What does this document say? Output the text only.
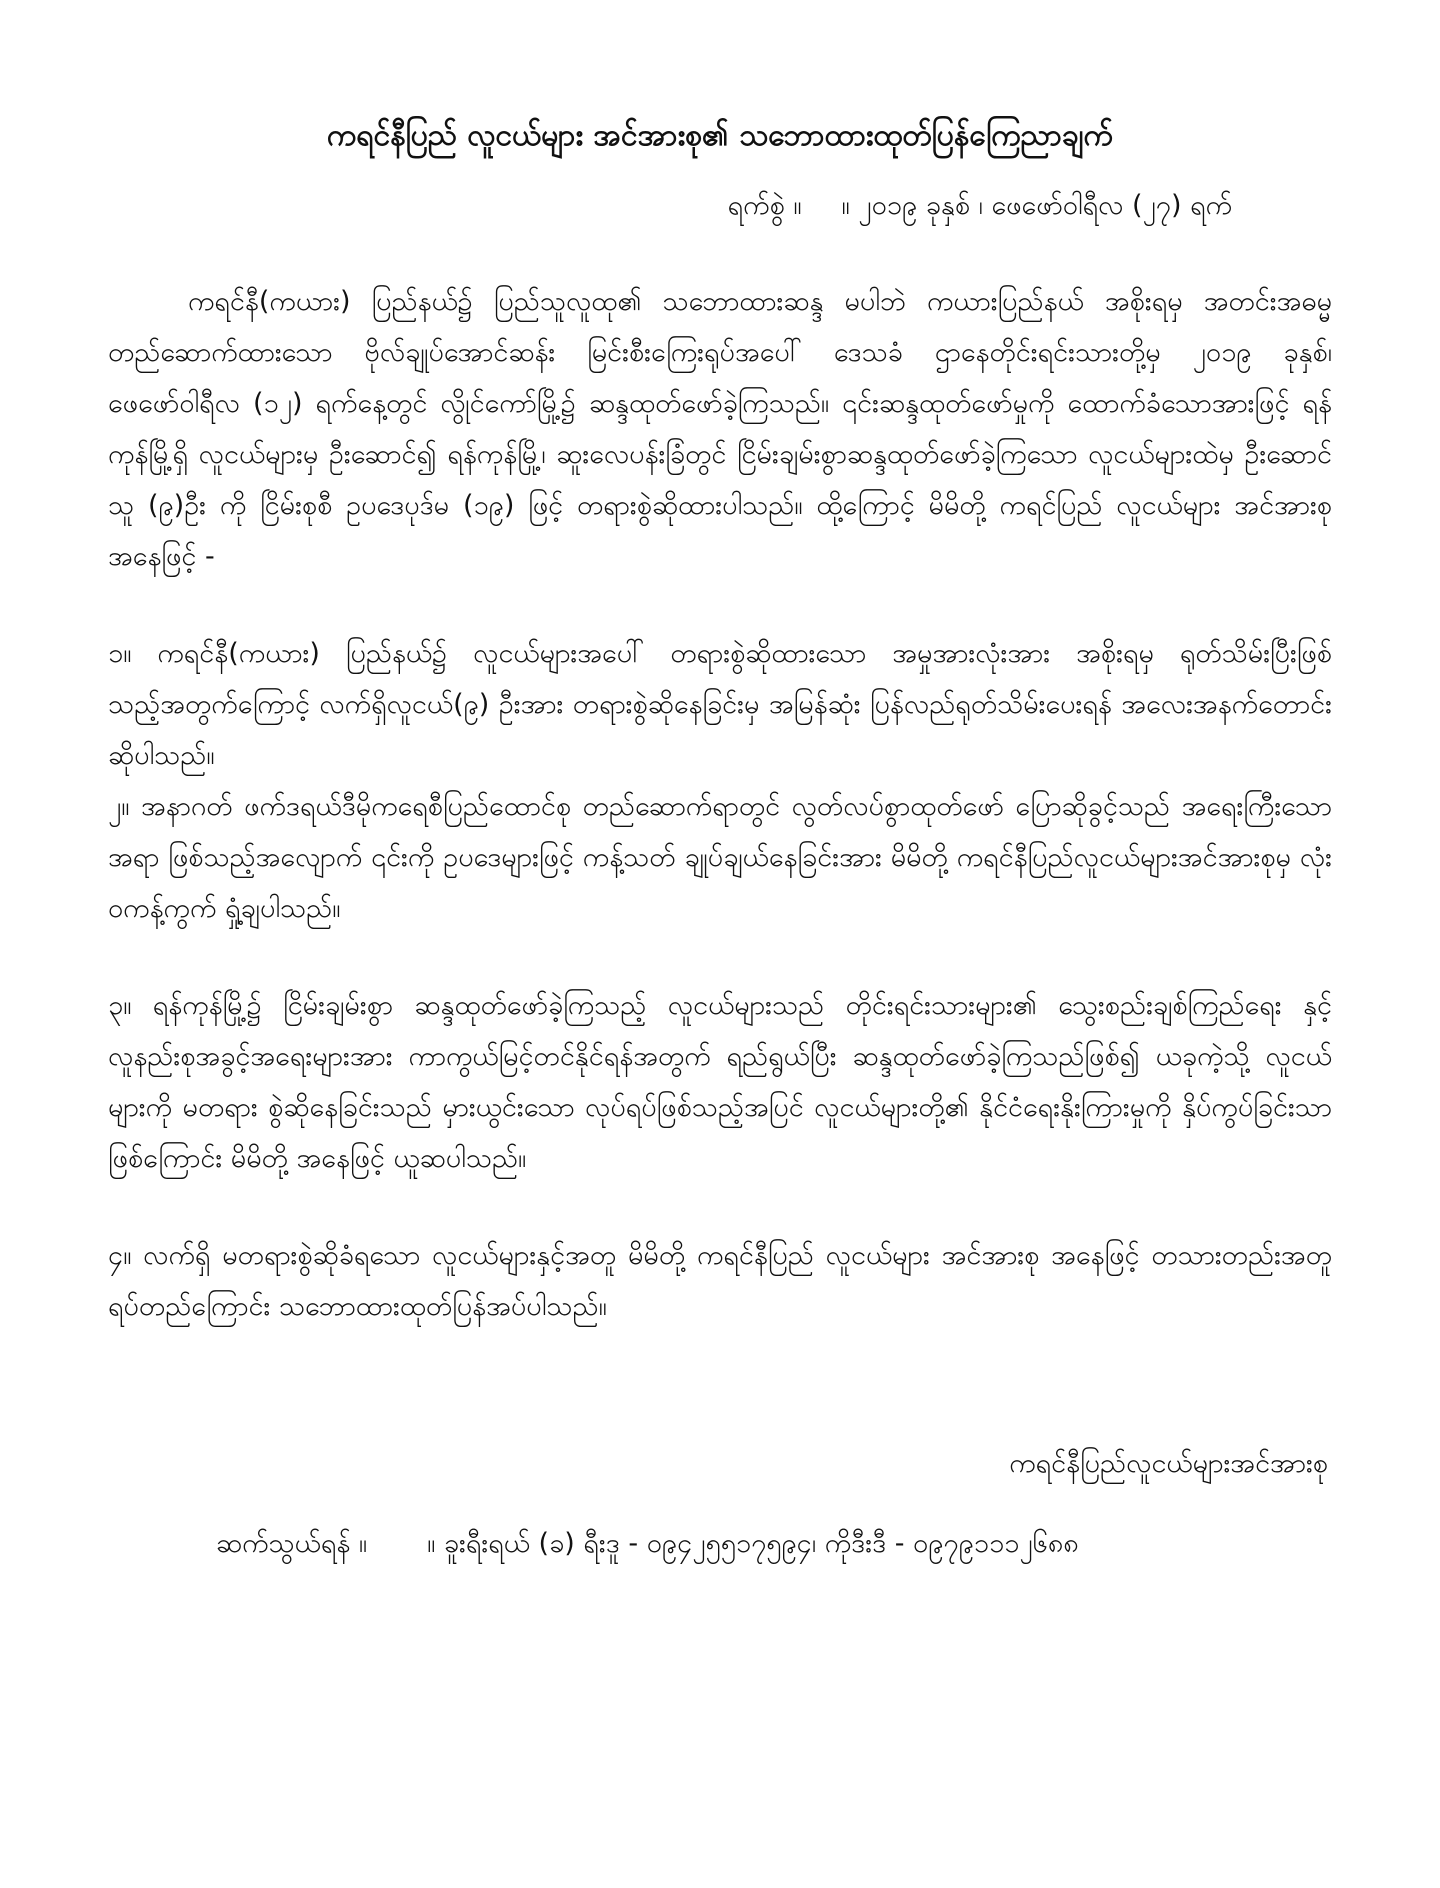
ကရင်နီပြည် လူငယ်များ အင်အားစု၏ သဘောထားထုတ်ပြန်ကြေညာချက်
ရက်စွဲ ။ ။ ၂၀၁၉ ခုနှစ် ၊ ဖေဖော်ဝါရီလ (၂၇) ရက်

ကရင်နီ(ကယား) ပြည်နယ်၌ ပြည်သူလူထု၏ သဘောထားဆန္ဒ မပါဘဲ ကယားပြည်နယ် အစိုးရမှ အတင်းအဓမ္မ တည်ဆောက်ထားသော ဗိုလ်ချုပ်အောင်ဆန်း မြင်းစီးကြေးရုပ်အပေါ် ဒေသခံ ဌာနေတိုင်းရင်းသားတို့မှ ၂၀၁၉ ခုနှစ်၊ ဖေဖော်ဝါရီလ (၁၂) ရက်နေ့တွင် လွိုင်ကော်မြို့၌ ဆန္ဒထုတ်ဖော်ခဲ့ကြသည်။ ၎င်းဆန္ဒထုတ်ဖော်မှုကို ထောက်ခံသောအားဖြင့် ရန်ကုန်မြို့ရှိ လူငယ်များမှ ဦးဆောင်၍ ရန်ကုန်မြို့၊ ဆူးလေပန်းခြံတွင် ငြိမ်းချမ်းစွာဆန္ဒထုတ်ဖော်ခဲ့ကြသော လူငယ်များထဲမှ ဦးဆောင်သူ (၉)ဦး ကို ငြိမ်းစုစီ ဥပဒေပုဒ်မ (၁၉) ဖြင့် တရားစွဲဆိုထားပါသည်။ ထို့ကြောင့် မိမိတို့ ကရင်ပြည် လူငယ်များ အင်အားစုအနေဖြင့် -

၁။ ကရင်နီ(ကယား) ပြည်နယ်၌ လူငယ်များအပေါ် တရားစွဲဆိုထားသော အမှုအားလုံးအား အစိုးရမှ ရုတ်သိမ်းပြီးဖြစ်သည့်အတွက်ကြောင့် လက်ရှိလူငယ်(၉) ဦးအား တရားစွဲဆိုနေခြင်းမှ အမြန်ဆုံး ပြန်လည်ရုတ်သိမ်းပေးရန် အလေးအနက်တောင်းဆိုပါသည်။

၂။ အနာဂတ် ဖက်ဒရယ်ဒီမိုကရေစီပြည်ထောင်စု တည်ဆောက်ရာတွင် လွတ်လပ်စွာထုတ်ဖော် ပြောဆိုခွင့်သည် အရေးကြီးသောအရာ ဖြစ်သည့်အလျောက် ၎င်းကို ဥပဒေများဖြင့် ကန့်သတ် ချုပ်ချယ်နေခြင်းအား မိမိတို့ ကရင်နီပြည်လူငယ်များအင်အားစုမှ လုံးဝကန့်ကွက် ရှုံ့ချပါသည်။

၃။ ရန်ကုန်မြို့၌ ငြိမ်းချမ်းစွာ ဆန္ဒထုတ်ဖော်ခဲ့ကြသည့် လူငယ်များသည် တိုင်းရင်းသားများ၏ သွေးစည်းချစ်ကြည်ရေး နှင့် လူနည်းစုအခွင့်အရေးများအား ကာကွယ်မြင့်တင်နိုင်ရန်အတွက် ရည်ရွယ်ပြီး ဆန္ဒထုတ်ဖော်ခဲ့ကြသည်ဖြစ်၍ ယခုကဲ့သို့ လူငယ်များကို မတရား စွဲဆိုနေခြင်းသည် မှားယွင်းသော လုပ်ရပ်ဖြစ်သည့်အပြင် လူငယ်များတို့၏ နိုင်ငံရေးနိုးကြားမှုကို နှိပ်ကွပ်ခြင်းသာ ဖြစ်ကြောင်း မိမိတို့ အနေဖြင့် ယူဆပါသည်။

၄။ လက်ရှိ မတရားစွဲဆိုခံရသော လူငယ်များနှင့်အတူ မိမိတို့ ကရင်နီပြည် လူငယ်များ အင်အားစု အနေဖြင့် တသားတည်းအတူ ရပ်တည်ကြောင်း သဘောထားထုတ်ပြန်အပ်ပါသည်။

ကရင်နီပြည်လူငယ်များအင်အားစု
ဆက်သွယ်ရန် ။ ။ ခူးရီးရယ် (ခ) ရီးဒူ - ၀၉၄၂၅၅၁၇၅၉၄၊ ကိုဒီးဒီ - ၀၉၇၉၁၁၁၂၆၈၈
